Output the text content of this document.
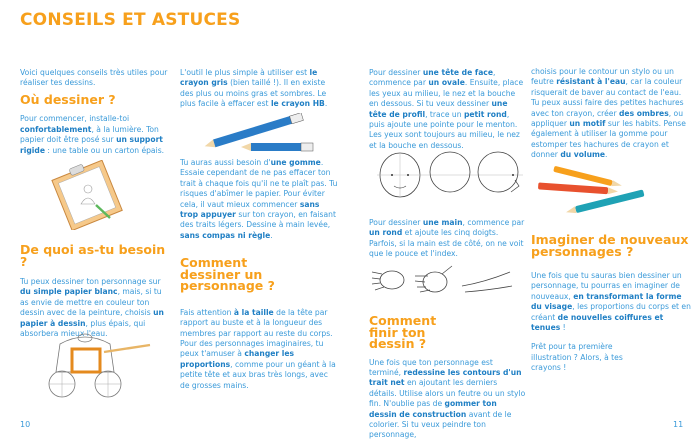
CONSEILS ET ASTUCES

Voici quelques conseils très utiles pour réaliser tes dessins.

Où dessiner ?

Pour commencer, installe-toi confortablement, à la lumière. Ton papier doit être posé sur un support rigide : une table ou un carton épais.

De quoi as-tu besoin ?

Tu peux dessiner ton personnage sur du simple papier blanc, mais, si tu as envie de mettre en couleur ton dessin avec de la peinture, choisis un papier à dessin, plus épais, qui absorbera mieux l'eau.

10

L'outil le plus simple à utiliser est le crayon gris (bien taillé !). Il en existe des plus ou moins gras et sombres. Le plus facile à effacer est le crayon HB.

Tu auras aussi besoin d'une gomme. Essaie cependant de ne pas effacer ton trait à chaque fois qu'il ne te plaît pas. Tu risques d'abîmer le papier. Pour éviter cela, il vaut mieux commencer sans trop appuyer sur ton crayon, en faisant des traits légers. Dessine à main levée, sans compas ni règle.

Comment dessiner un personnage ?

Fais attention à la taille de la tête par rapport au buste et à la longueur des membres par rapport au reste du corps. Pour des personnages imaginaires, tu peux t'amuser à changer les proportions, comme pour un géant à la petite tête et aux bras très longs, avec de grosses mains.

Pour dessiner une tête de face, commence par un ovale. Ensuite, place les yeux au milieu, le nez et la bouche en dessous. Si tu veux dessiner une tête de profil, trace un petit rond, puis ajoute une pointe pour le menton. Les yeux sont toujours au milieu, le nez et la bouche en dessous.

Pour dessiner une main, commence par un rond et ajoute les cinq doigts. Parfois, si la main est de côté, on ne voit que le pouce et l'index.

Comment finir ton dessin ?

Une fois que ton personnage est terminé, redessine les contours d'un trait net en ajoutant les derniers détails. Utilise alors un feutre ou un stylo fin. N'oublie pas de gommer ton dessin de construction avant de le colorier. Si tu veux peindre ton personnage,

choisis pour le contour un stylo ou un feutre résistant à l'eau, car la couleur risquerait de baver au contact de l'eau. Tu peux aussi faire des petites hachures avec ton crayon, créer des ombres, ou appliquer un motif sur les habits. Pense également à utiliser la gomme pour estomper tes hachures de crayon et donner du volume.

Imaginer de nouveaux personnages ?

Une fois que tu sauras bien dessiner un personnage, tu pourras en imaginer de nouveaux, en transformant la forme du visage, les proportions du corps et en créant de nouvelles coiffures et tenues !

Prêt pour ta première illustration ? Alors, à tes crayons !

11
